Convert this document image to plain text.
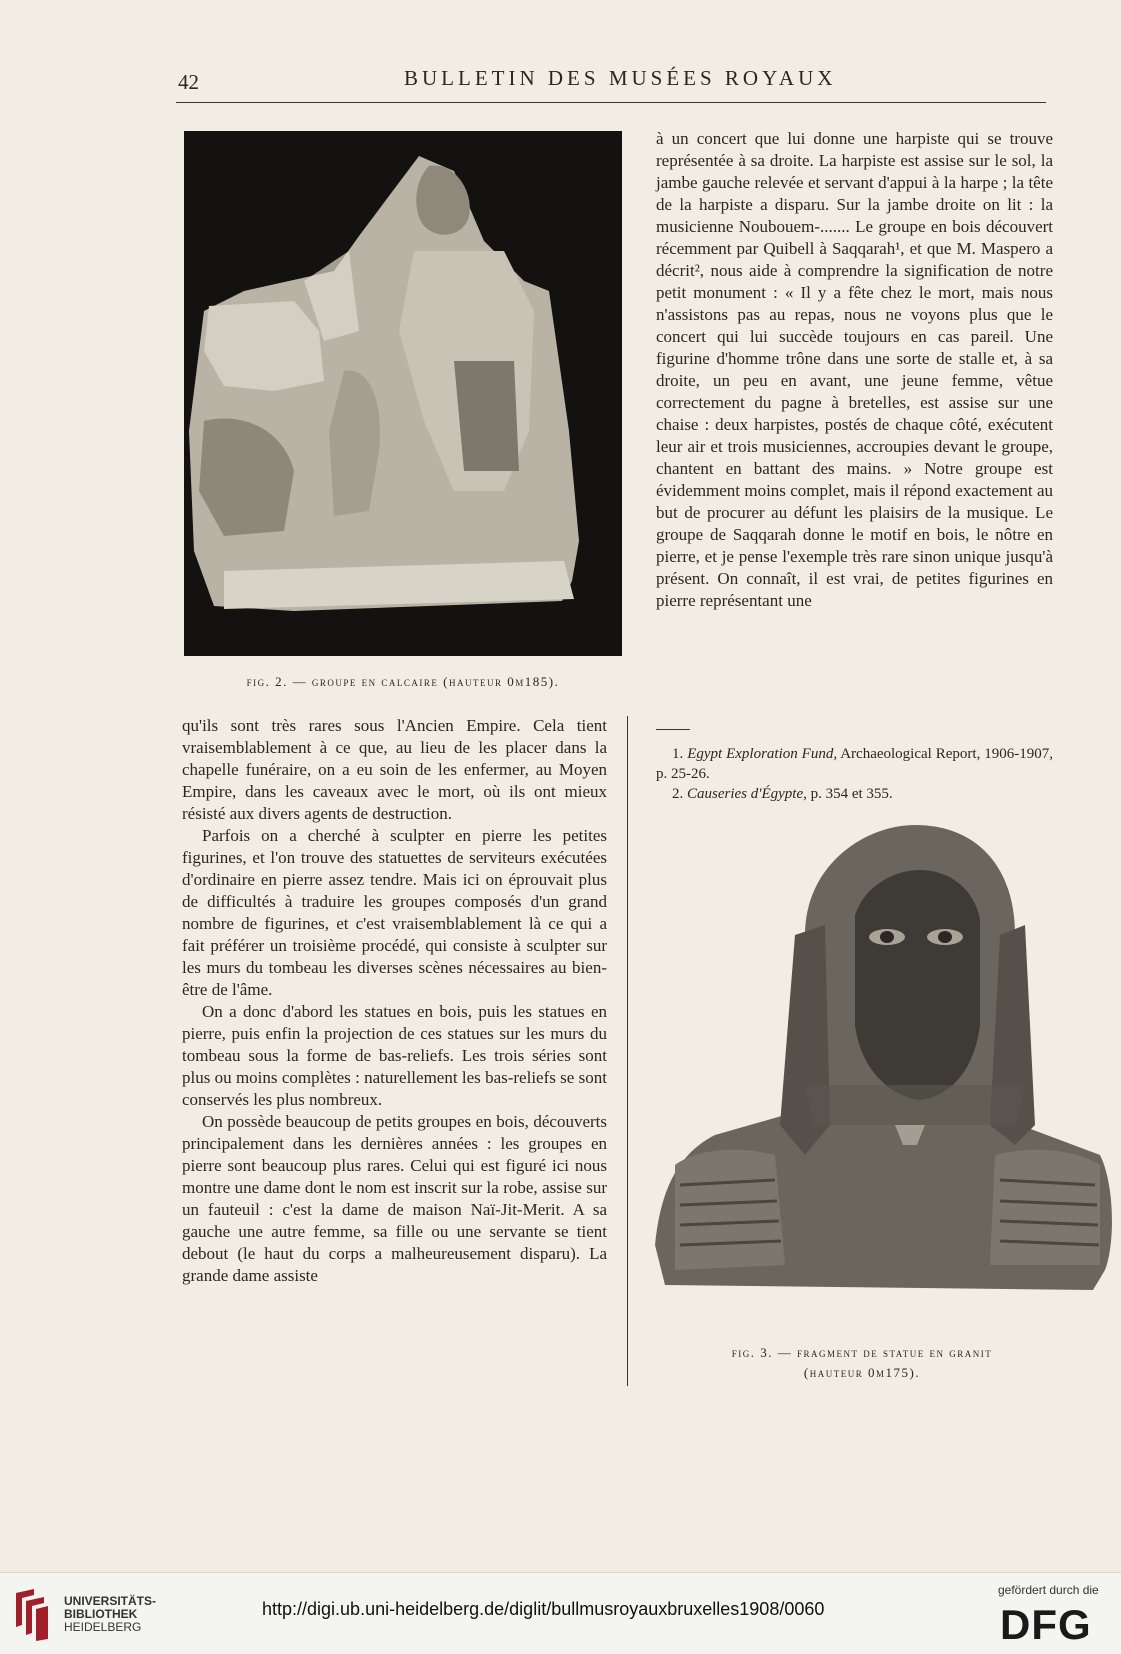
42	BULLETIN DES MUSÉES ROYAUX
fig. 2. — groupe en calcaire (hauteur 0m185).

à un concert que lui donne une harpiste qui se trouve représentée à sa droite. La harpiste est assise sur le sol, la jambe gauche relevée et servant d'appui à la harpe ; la tête de la harpiste a disparu. Sur la jambe droite on lit : la musicienne Noubouem-....... Le groupe en bois découvert récemment par Quibell à Saqqarah¹, et que M. Maspero a décrit², nous aide à comprendre la signification de notre petit monument : « Il y a fête chez le mort, mais nous n'assistons pas au repas, nous ne voyons plus que le concert qui lui succède toujours en cas pareil. Une figurine d'homme trône dans une sorte de stalle et, à sa droite, un peu en avant, une jeune femme, vêtue correctement du pagne à bretelles, est assise sur une chaise : deux harpistes, postés de chaque côté, exécutent leur air et trois musiciennes, accroupies devant le groupe, chantent en battant des mains. » Notre groupe est évidemment moins complet, mais il répond exactement au but de procurer au défunt les plaisirs de la musique. Le groupe de Saqqarah donne le motif en bois, le nôtre en pierre, et je pense l'exemple très rare sinon unique jusqu'à présent. On connaît, il est vrai, de petites figurines en pierre représentant une

1. Egypt Exploration Fund, Archaeological Report, 1906-1907, p. 25-26.

2. Causeries d'Égypte, p. 354 et 355.

qu'ils sont très rares sous l'Ancien Empire. Cela tient vraisemblablement à ce que, au lieu de les placer dans la chapelle funéraire, on a eu soin de les enfermer, au Moyen Empire, dans les caveaux avec le mort, où ils ont mieux résisté aux divers agents de destruction.

Parfois on a cherché à sculpter en pierre les petites figurines, et l'on trouve des statuettes de serviteurs exécutées d'ordinaire en pierre assez tendre. Mais ici on éprouvait plus de difficultés à traduire les groupes composés d'un grand nombre de figurines, et c'est vraisemblablement là ce qui a fait préférer un troisième procédé, qui consiste à sculpter sur les murs du tombeau les diverses scènes nécessaires au bien-être de l'âme.

On a donc d'abord les statues en bois, puis les statues en pierre, puis enfin la projection de ces statues sur les murs du tombeau sous la forme de bas-reliefs. Les trois séries sont plus ou moins complètes : naturellement les bas-reliefs se sont conservés les plus nombreux.

On possède beaucoup de petits groupes en bois, découverts principalement dans les dernières années : les groupes en pierre sont beaucoup plus rares. Celui qui est figuré ici nous montre une dame dont le nom est inscrit sur la robe, assise sur un fauteuil : c'est la dame de maison Naï-Jit-Merit. A sa gauche une autre femme, sa fille ou une servante se tient debout (le haut du corps a malheureusement disparu). La grande dame assiste

fig. 3. — fragment de statue en granit
(hauteur 0m175).
UNIVERSITÄTS-
BIBLIOTHEK
HEIDELBERG
http://digi.ub.uni-heidelberg.de/diglit/bullmusroyauxbruxelles1908/0060
gefördert durch die
DFG
